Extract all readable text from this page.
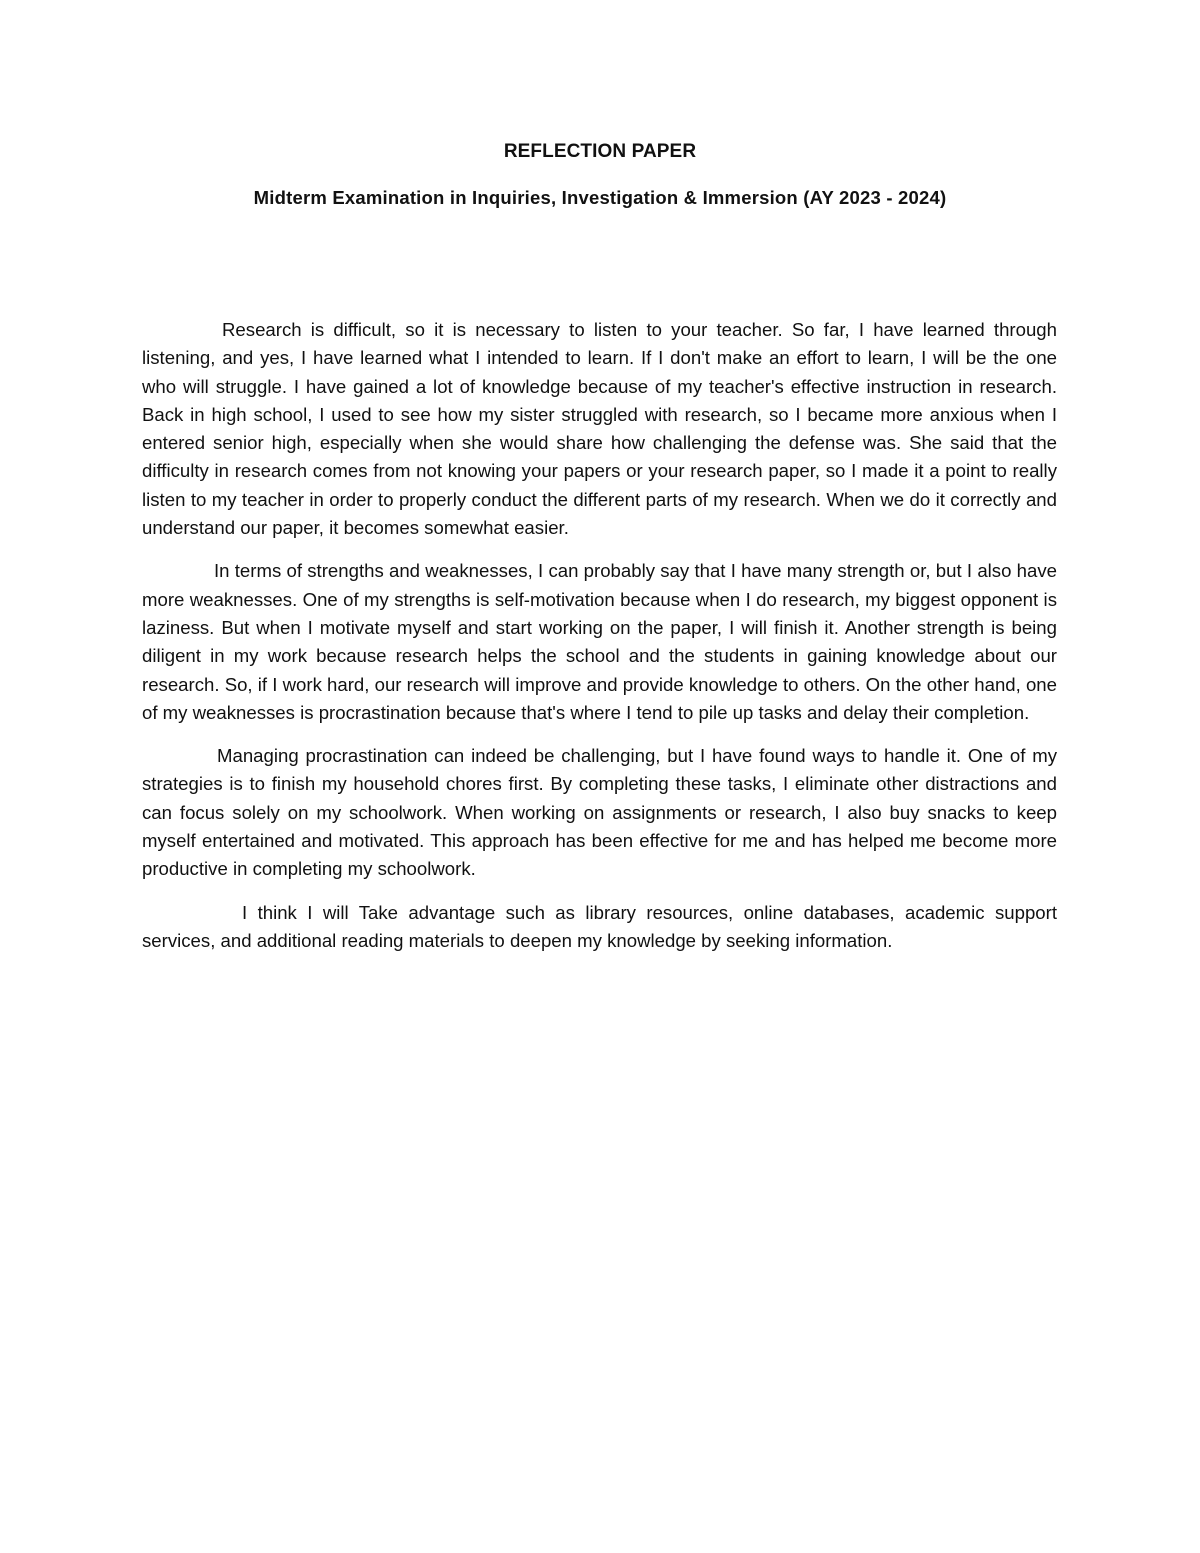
REFLECTION PAPER
Midterm Examination in Inquiries, Investigation & Immersion (AY 2023 - 2024)

Research is difficult, so it is necessary to listen to your teacher. So far, I have learned through listening, and yes, I have learned what I intended to learn. If I don't make an effort to learn, I will be the one who will struggle. I have gained a lot of knowledge because of my teacher's effective instruction in research. Back in high school, I used to see how my sister struggled with research, so I became more anxious when I entered senior high, especially when she would share how challenging the defense was. She said that the difficulty in research comes from not knowing your papers or your research paper, so I made it a point to really listen to my teacher in order to properly conduct the different parts of my research. When we do it correctly and understand our paper, it becomes somewhat easier.

In terms of strengths and weaknesses, I can probably say that I have many strength or, but I also have more weaknesses. One of my strengths is self-motivation because when I do research, my biggest opponent is laziness. But when I motivate myself and start working on the paper, I will finish it. Another strength is being diligent in my work because research helps the school and the students in gaining knowledge about our research. So, if I work hard, our research will improve and provide knowledge to others. On the other hand, one of my weaknesses is procrastination because that's where I tend to pile up tasks and delay their completion.

Managing procrastination can indeed be challenging, but I have found ways to handle it. One of my strategies is to finish my household chores first. By completing these tasks, I eliminate other distractions and can focus solely on my schoolwork. When working on assignments or research, I also buy snacks to keep myself entertained and motivated. This approach has been effective for me and has helped me become more productive in completing my schoolwork.

I think I will Take advantage such as library resources, online databases, academic support services, and additional reading materials to deepen my knowledge by seeking information.
